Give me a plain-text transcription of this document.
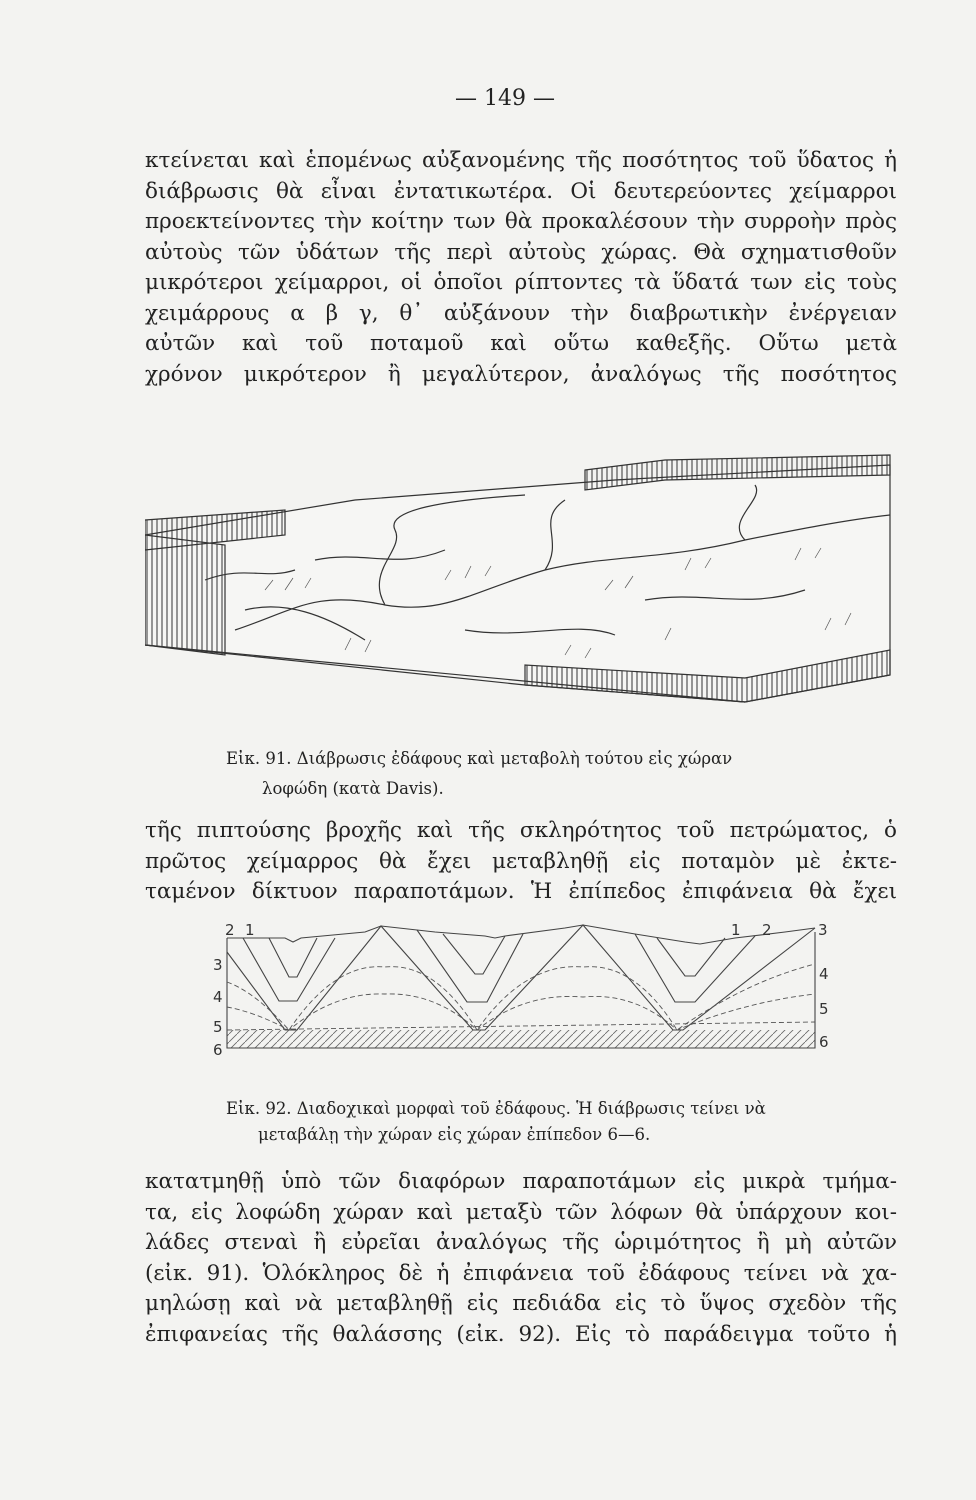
— 149 —
κτείνεται καὶ ἑπομένως αὐξανομένης τῆς ποσότητος τοῦ ὕδατος ἡ
διάβρωσις θὰ εἶναι ἐντατικωτέρα. Οἱ δευτερεύοντες χείμαρροι
προεκτείνοντες τὴν κοίτην των θὰ προκαλέσουν τὴν συρροὴν πρὸς
αὐτοὺς τῶν ὑδάτων τῆς περὶ αὐτοὺς χώρας. Θὰ σχηματισθοῦν
μικρότεροι χείμαρροι, οἱ ὁποῖοι ρίπτοντες τὰ ὕδατά των εἰς τοὺς
χειμάρρους α β γ, θ᾽ αὐξάνουν τὴν διαβρωτικὴν ἐνέργειαν
αὐτῶν καὶ τοῦ ποταμοῦ καὶ οὕτω καθεξῆς. Οὕτω μετὰ
χρόνον μικρότερον ἢ μεγαλύτερον, ἀναλόγως τῆς ποσότητος
Εἰκ. 91. Διάβρωσις ἐδάφους καὶ μεταβολὴ τούτου εἰς χώραν
λοφώδη (κατὰ Davis).
τῆς πιπτούσης βροχῆς καὶ τῆς σκληρότητος τοῦ πετρώματος, ὁ
πρῶτος χείμαρρος θὰ ἔχει μεταβληθῇ εἰς ποταμὸν μὲ ἐκτε-
ταμένον δίκτυον παραποτάμων. Ἡ ἐπίπεδος ἐπιφάνεια θὰ ἔχει
2 1	1 2	3
3
4
5
6
4
5
6
Εἰκ. 92. Διαδοχικαὶ μορφαὶ τοῦ ἐδάφους. Ἡ διάβρωσις τείνει νὰ
μεταβάλῃ τὴν χώραν εἰς χώραν ἐπίπεδον 6—6.
κατατμηθῇ ὑπὸ τῶν διαφόρων παραποτάμων εἰς μικρὰ τμήμα-
τα, εἰς λοφώδη χώραν καὶ μεταξὺ τῶν λόφων θὰ ὑπάρχουν κοι-
λάδες στεναὶ ἢ εὐρεῖαι ἀναλόγως τῆς ὡριμότητος ἢ μὴ αὐτῶν
(εἰκ. 91). Ὁλόκληρος δὲ ἡ ἐπιφάνεια τοῦ ἐδάφους τείνει νὰ χα-
μηλώσῃ καὶ νὰ μεταβληθῇ εἰς πεδιάδα εἰς τὸ ὕψος σχεδὸν τῆς
ἐπιφανείας τῆς θαλάσσης (εἰκ. 92). Εἰς τὸ παράδειγμα τοῦτο ἡ
